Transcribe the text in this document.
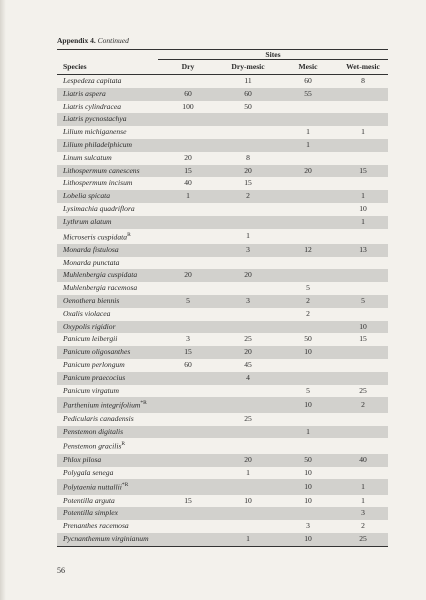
Appendix 4. Continued
	Sites			
Species	Dry	Dry-mesic	Mesic	Wet-mesic
Lespedeza capitata		11	60	8
Liatris aspera	60	60	55	
Liatris cylindracea	100	50		
Liatris pycnostachya				
Lilium michiganense			1	1
Lilium philadelphicum			1	
Linum sulcatum	20	8		
Lithospermum canescens	15	20	20	15
Lithospermum incisum	40	15		
Lobelia spicata	1	2		1
Lysimachia quadriflora				10
Lythrum alatum				1
Microseris cuspidata$^R$		1		
Monarda fistulosa		3	12	13
Monarda punctata				
Muhlenbergia cuspidata	20	20		
Muhlenbergia racemosa			5	
Oenothera biennis	5	3	2	5
Oxalis violacea			2	
Oxypolis rigidior				10
Panicum leibergii	3	25	50	15
Panicum oligosanthes	15	20	10	
Panicum perlongum	60	45		
Panicum praecocius		4		
Panicum virgatum			5	25
Parthenium integrifolium$^{*R}$			10	2
Pedicularis canadensis		25		
Penstemon digitalis			1	
Penstemon gracilis$^R$				
Phlox pilosa		20	50	40
Polygala senega		1	10	
Polytaenia nuttallii$^{*R}$			10	1
Potentilla arguta	15	10	10	1
Potentilla simplex				3
Prenanthes racemosa			3	2
Pycnanthemum virginianum		1	10	25
56
